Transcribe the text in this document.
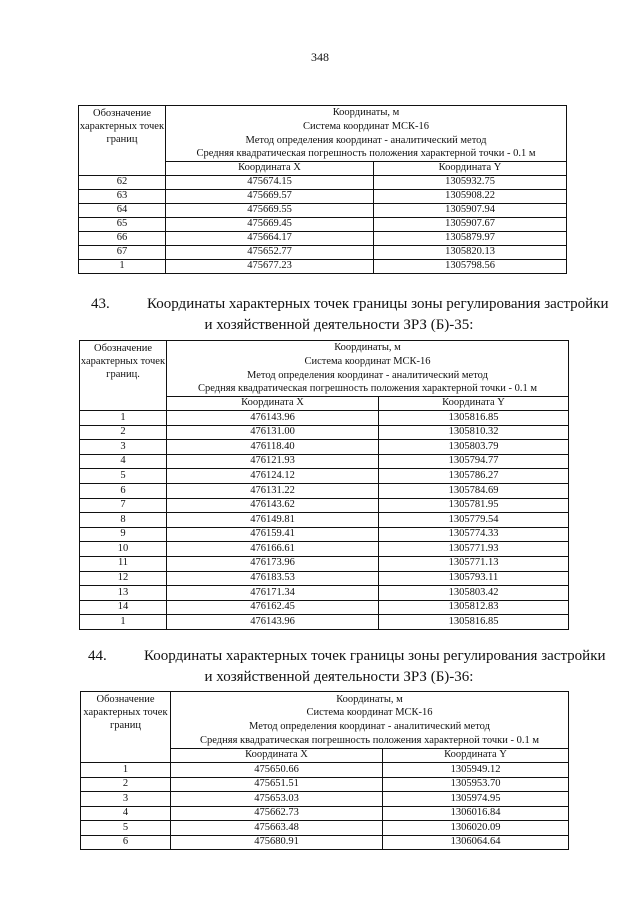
348
Обозначение характерных точек границ	Координаты, м
Система координат МСК-16
Метод определения координат - аналитический метод
Средняя квадратическая погрешность положения характерной точки - 0.1 м	

	Координата X	Координата Y
62	475674.15	1305932.75
63	475669.57	1305908.22
64	475669.55	1305907.94
65	475669.45	1305907.67
66	475664.17	1305879.97
67	475652.77	1305820.13
1	475677.23	1305798.56
43. Координаты характерных точек границы зоны регулирования застройки
и хозяйственной деятельности ЗРЗ (Б)-35:
Обозначение характерных точек границ.	Координаты, м
Система координат МСК-16
Метод определения координат - аналитический метод
Средняя квадратическая погрешность положения характерной точки - 0.1 м	

	Координата X	Координата Y
1	476143.96	1305816.85
2	476131.00	1305810.32
3	476118.40	1305803.79
4	476121.93	1305794.77
5	476124.12	1305786.27
6	476131.22	1305784.69
7	476143.62	1305781.95
8	476149.81	1305779.54
9	476159.41	1305774.33
10	476166.61	1305771.93
11	476173.96	1305771.13
12	476183.53	1305793.11
13	476171.34	1305803.42
14	476162.45	1305812.83
1	476143.96	1305816.85
44. Координаты характерных точек границы зоны регулирования застройки
и хозяйственной деятельности ЗРЗ (Б)-36:
Обозначение характерных точек границ	Координаты, м
Система координат МСК-16
Метод определения координат - аналитический метод
Средняя квадратическая погрешность положения характерной точки - 0.1 м	

	Координата X	Координата Y
1	475650.66	1305949.12
2	475651.51	1305953.70
3	475653.03	1305974.95
4	475662.73	1306016.84
5	475663.48	1306020.09
6	475680.91	1306064.64
